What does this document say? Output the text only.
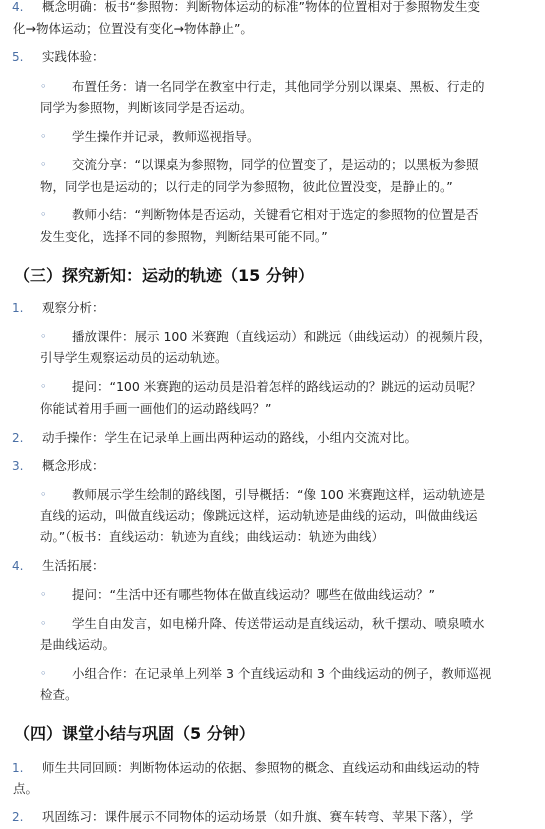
4. 概念明确：板书“参照物：判断物体运动的标准”物体的位置相对于参照物发生变
化→物体运动；位置没有变化→物体静止”。
5. 实践体验：
◦ 布置任务：请一名同学在教室中行走，其他同学分别以课桌、黑板、行走的
同学为参照物，判断该同学是否运动。
◦ 学生操作并记录，教师巡视指导。
◦ 交流分享：“以课桌为参照物，同学的位置变了，是运动的；以黑板为参照
物，同学也是运动的；以行走的同学为参照物，彼此位置没变，是静止的。”
◦ 教师小结：“判断物体是否运动，关键看它相对于选定的参照物的位置是否
发生变化，选择不同的参照物，判断结果可能不同。”
（三）探究新知：运动的轨迹（15 分钟）
1. 观察分析：
◦ 播放课件：展示 100 米赛跑（直线运动）和跳远（曲线运动）的视频片段，
引导学生观察运动员的运动轨迹。
◦ 提问：“100 米赛跑的运动员是沿着怎样的路线运动的？跳远的运动员呢？
你能试着用手画一画他们的运动路线吗？”
2. 动手操作：学生在记录单上画出两种运动的路线，小组内交流对比。
3. 概念形成：
◦ 教师展示学生绘制的路线图，引导概括：“像 100 米赛跑这样，运动轨迹是
直线的运动，叫做直线运动；像跳远这样，运动轨迹是曲线的运动，叫做曲线运
动。”（板书：直线运动：轨迹为直线；曲线运动：轨迹为曲线）
4. 生活拓展：
◦ 提问：“生活中还有哪些物体在做直线运动？哪些在做曲线运动？”
◦ 学生自由发言，如电梯升降、传送带运动是直线运动，秋千摆动、喷泉喷水
是曲线运动。
◦ 小组合作：在记录单上列举 3 个直线运动和 3 个曲线运动的例子，教师巡视
检查。
（四）课堂小结与巩固（5 分钟）
1. 师生共同回顾：判断物体运动的依据、参照物的概念、直线运动和曲线运动的特
点。
2. 巩固练习：课件展示不同物体的运动场景（如升旗、赛车转弯、苹果下落），学
